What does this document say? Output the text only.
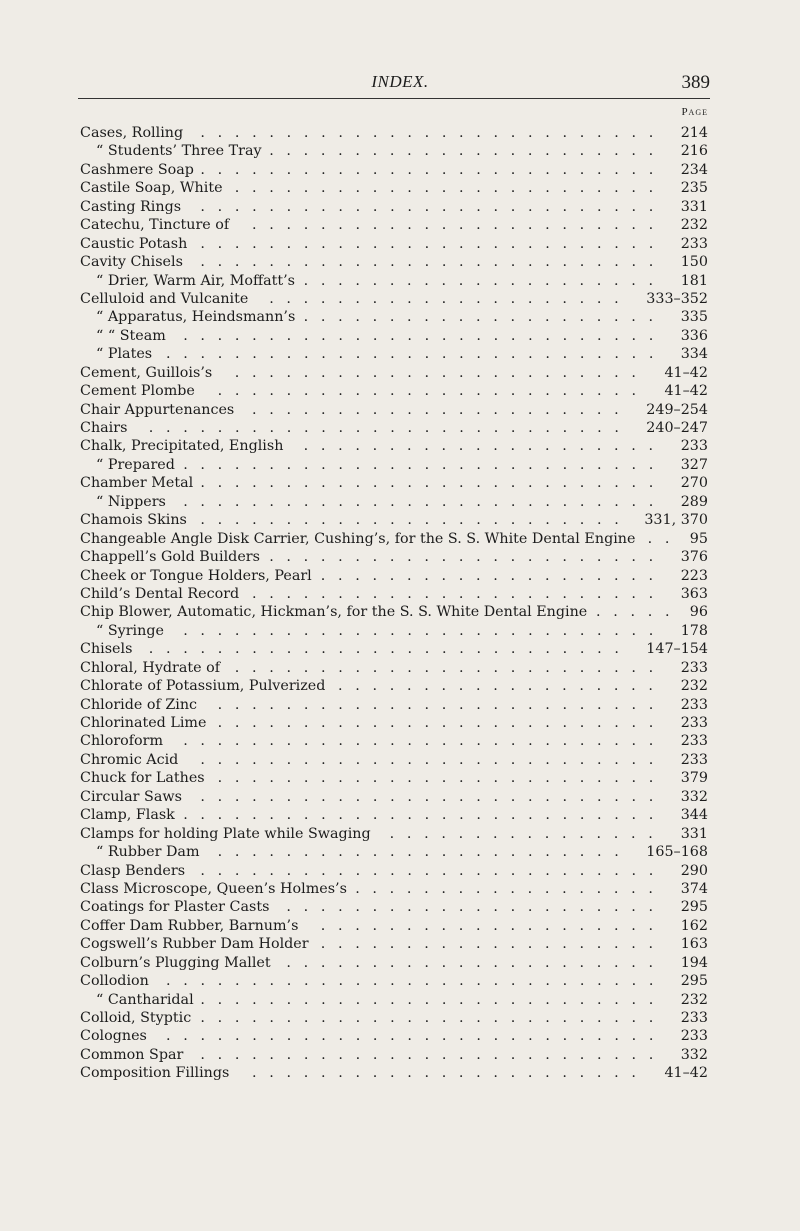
INDEX.	389
Page
Cases, Rolling ........................... 214
“ Students’ Three Tray ....................... 216
Cashmere Soap ........................... 234
Castile Soap, White ......................... 235
Casting Rings ........................... 331
Catechu, Tincture of ........................ 232
Caustic Potash ........................... 233
Cavity Chisels ........................... 150
“ Drier, Warm Air, Moffatt’s ..................... 181
Celluloid and Vulcanite ..................... 333–352
“ Apparatus, Heindsmann’s ..................... 335
“ “ Steam ............................ 336
“ Plates ............................. 334
Cement, Guillois’s ........................ 41–42
Cement Plombe ......................... 41–42
Chair Appurtenances ...................... 249–254
Chairs ............................ 240–247
Chalk, Precipitated, English ..................... 233
“ Prepared ............................ 327
Chamber Metal ........................... 270
“ Nippers ............................ 289
Chamois Skins ......................... 331, 370
Changeable Angle Disk Carrier, Cushing’s, for the S. S. White Dental Engine .. 95
Chappell’s Gold Builders ....................... 376
Cheek or Tongue Holders, Pearl .................... 223
Child’s Dental Record ........................ 363
Chip Blower, Automatic, Hickman’s, for the S. S. White Dental Engine ..... 96
“ Syringe ............................ 178
Chisels ............................ 147–154
Chloral, Hydrate of ......................... 233
Chlorate of Potassium, Pulverized ................... 232
Chloride of Zinc .......................... 233
Chlorinated Lime .......................... 233
Chloroform ............................ 233
Chromic Acid ........................... 233
Chuck for Lathes .......................... 379
Circular Saws ........................... 332
Clamp, Flask ............................ 344
Clamps for holding Plate while Swaging ................ 331
“ Rubber Dam ........................ 165–168
Clasp Benders ........................... 290
Class Microscope, Queen’s Holmes’s .................. 374
Coatings for Plaster Casts ...................... 295
Coffer Dam Rubber, Barnum’s .................... 162
Cogswell’s Rubber Dam Holder .................... 163
Colburn’s Plugging Mallet ...................... 194
Collodion ............................. 295
“ Cantharidal ........................... 232
Colloid, Styptic ........................... 233
Colognes ............................. 233
Common Spar ........................... 332
Composition Fillings ....................... 41–42
